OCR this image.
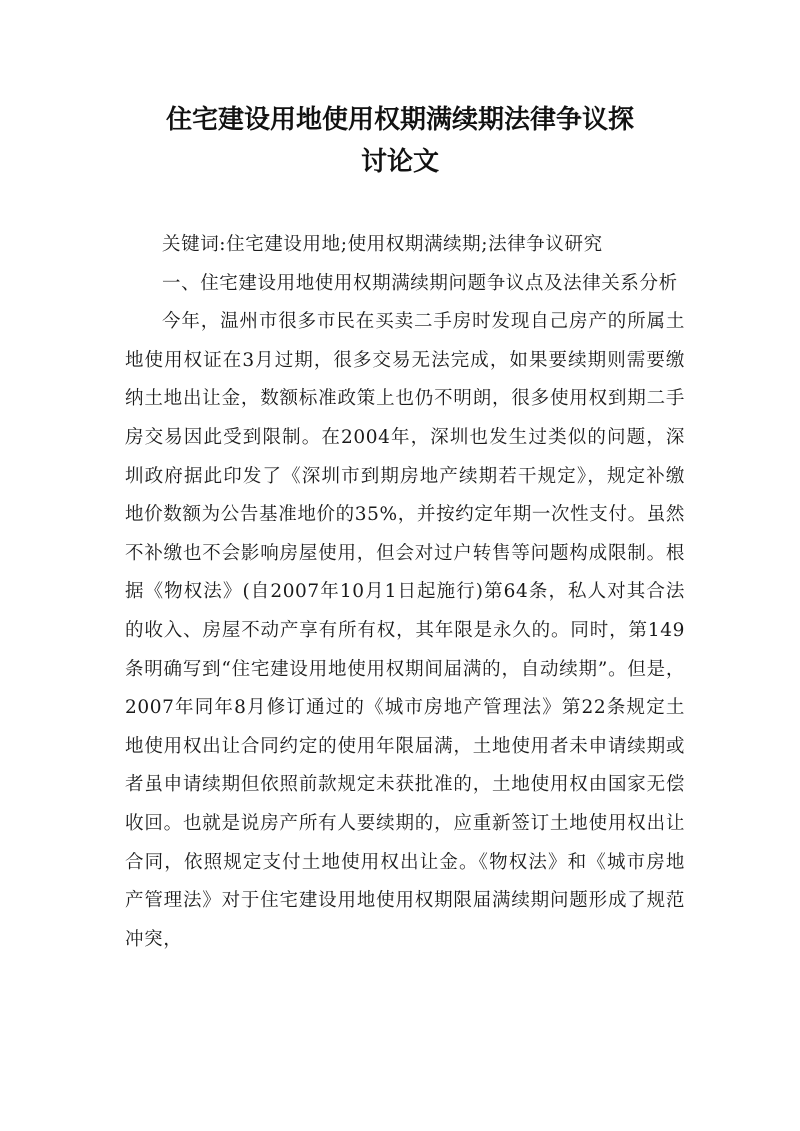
住宅建设用地使用权期满续期法律争议探
讨论文

关键词:住宅建设用地;使用权期满续期;法律争议研究

一、住宅建设用地使用权期满续期问题争议点及法律关系分析

今年，温州市很多市民在买卖二手房时发现自己房产的所属土地使用权证在3月过期，很多交易无法完成，如果要续期则需要缴纳土地出让金，数额标准政策上也仍不明朗，很多使用权到期二手房交易因此受到限制。在2004年，深圳也发生过类似的问题，深圳政府据此印发了《深圳市到期房地产续期若干规定》，规定补缴地价数额为公告基准地价的35%，并按约定年期一次性支付。虽然不补缴也不会影响房屋使用，但会对过户转售等问题构成限制。根据《物权法》(自2007年10月1日起施行)第64条，私人对其合法的收入、房屋不动产享有所有权，其年限是永久的。同时，第149条明确写到“住宅建设用地使用权期间届满的，自动续期”。但是，2007年同年8月修订通过的《城市房地产管理法》第22条规定土地使用权出让合同约定的使用年限届满，土地使用者未申请续期或者虽申请续期但依照前款规定未获批准的，土地使用权由国家无偿收回。也就是说房产所有人要续期的，应重新签订土地使用权出让合同，依照规定支付土地使用权出让金。《物权法》和《城市房地产管理法》对于住宅建设用地使用权期限届满续期问题形成了规范冲突，
